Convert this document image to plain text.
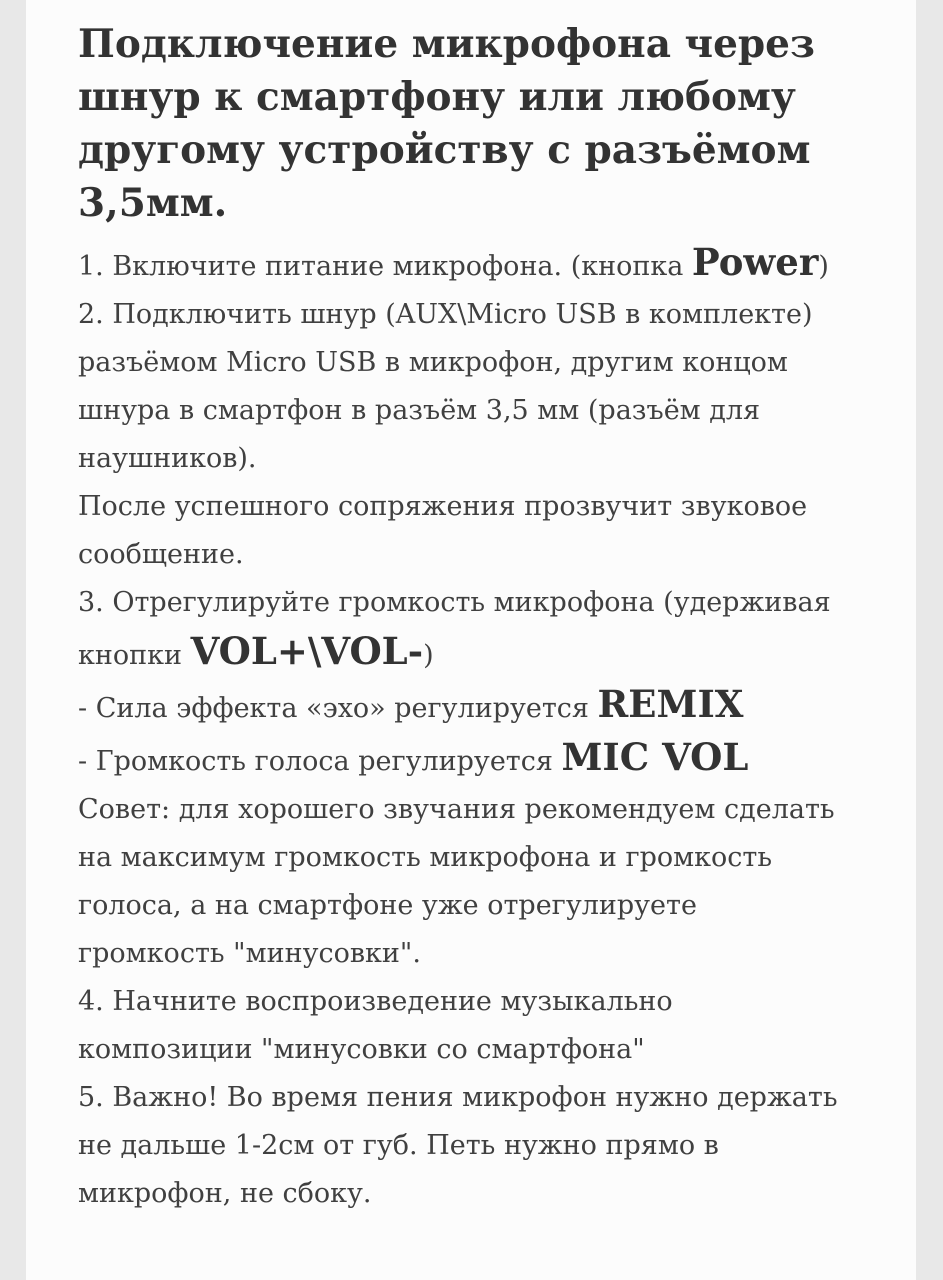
Подключение микрофона через шнур к смартфону или любому другому устройству с разъёмом 3,5мм.

1. Включите питание микрофона. (кнопка Power)

2. Подключить шнур (AUX\Micro USB в комплекте) разъёмом Micro USB в микрофон, другим концом шнура в смартфон в разъём 3,5 мм (разъём для наушников).

После успешного сопряжения прозвучит звуковое сообщение.

3. Отрегулируйте громкость микрофона (удерживая кнопки VOL+\VOL-)

- Сила эффекта «эхо» регулируется REMIX

- Громкость голоса регулируется MIC VOL

Совет: для хорошего звучания рекомендуем сделать на максимум громкость микрофона и громкость голоса, а на смартфоне уже отрегулируете громкость "минусовки".

4. Начните воспроизведение музыкально композиции "минусовки со смартфона"

5. Важно! Во время пения микрофон нужно держать не дальше 1-2см от губ. Петь нужно прямо в микрофон, не сбоку.
